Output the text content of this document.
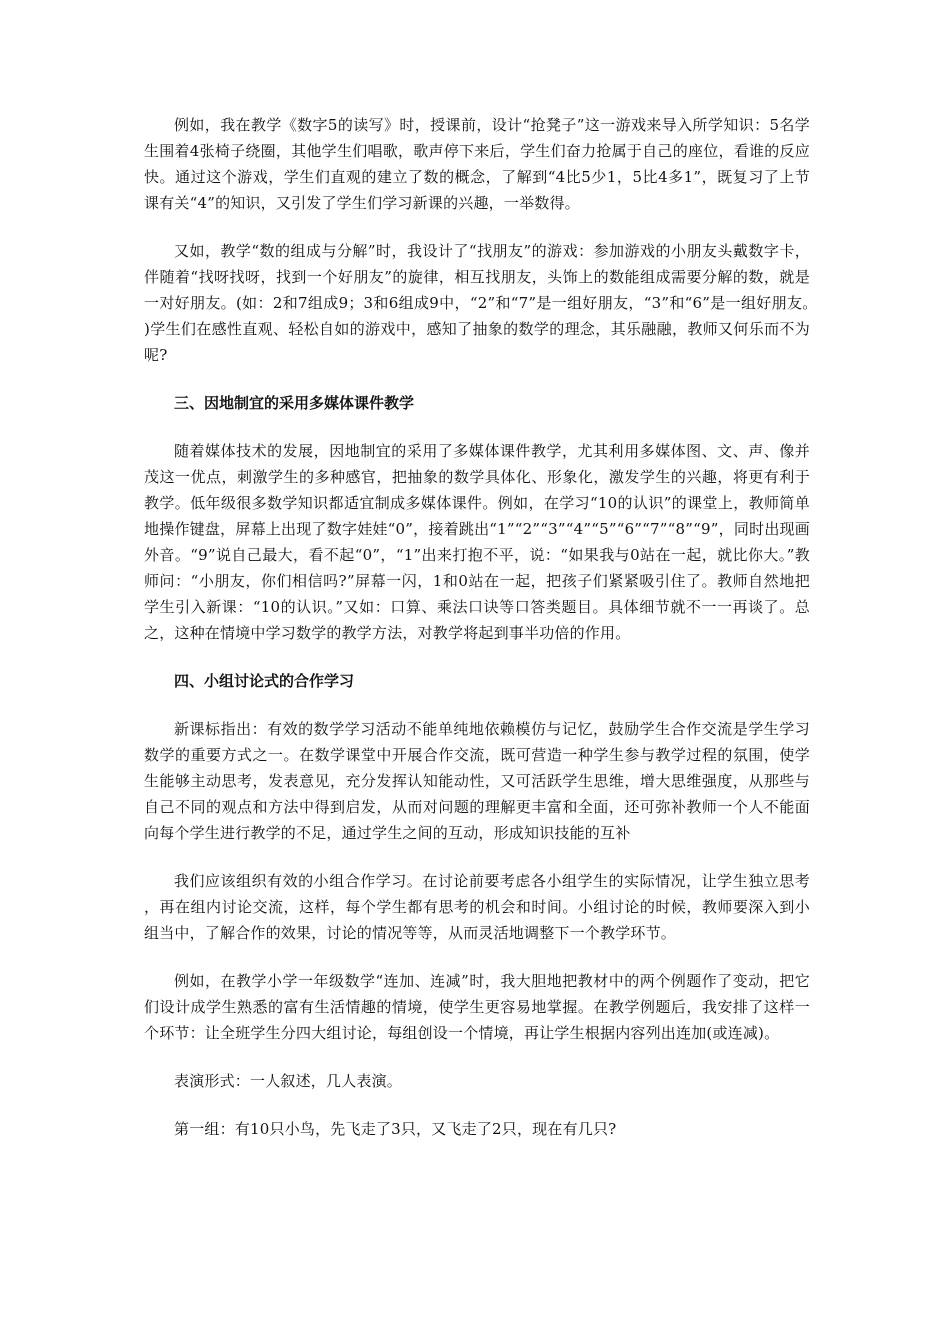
例如，我在教学《数字5的读写》时，授课前，设计“抢凳子”这一游戏来导入所学知识：5名学生围着4张椅子绕圈，其他学生们唱歌，歌声停下来后，学生们奋力抢属于自己的座位，看谁的反应快。通过这个游戏，学生们直观的建立了数的概念，了解到“4比5少1，5比4多1”，既复习了上节课有关“4”的知识，又引发了学生们学习新课的兴趣，一举数得。

又如，教学“数的组成与分解”时，我设计了“找朋友”的游戏：参加游戏的小朋友头戴数字卡，伴随着“找呀找呀，找到一个好朋友”的旋律，相互找朋友，头饰上的数能组成需要分解的数，就是一对好朋友。(如：2和7组成9；3和6组成9中，“2”和“7”是一组好朋友，“3”和“6”是一组好朋友。)学生们在感性直观、轻松自如的游戏中，感知了抽象的数学的理念，其乐融融，教师又何乐而不为呢?

三、因地制宜的采用多媒体课件教学

随着媒体技术的发展，因地制宜的采用了多媒体课件教学，尤其利用多媒体图、文、声、像并茂这一优点，刺激学生的多种感官，把抽象的数学具体化、形象化，激发学生的兴趣，将更有利于教学。低年级很多数学知识都适宜制成多媒体课件。例如，在学习“10的认识”的课堂上，教师简单地操作键盘，屏幕上出现了数字娃娃“0”，接着跳出“1”“2”“3”“4”“5”“6”“7”“8”“9”，同时出现画外音。“9”说自己最大，看不起“0”，“1”出来打抱不平，说：“如果我与0站在一起，就比你大。”教师问：“小朋友，你们相信吗?”屏幕一闪，1和0站在一起，把孩子们紧紧吸引住了。教师自然地把学生引入新课：“10的认识。”又如：口算、乘法口诀等口答类题目。具体细节就不一一再谈了。总之，这种在情境中学习数学的教学方法，对教学将起到事半功倍的作用。

四、小组讨论式的合作学习

新课标指出：有效的数学学习活动不能单纯地依赖模仿与记忆，鼓励学生合作交流是学生学习数学的重要方式之一。在数学课堂中开展合作交流，既可营造一种学生参与教学过程的氛围，使学生能够主动思考，发表意见，充分发挥认知能动性，又可活跃学生思维，增大思维强度，从那些与自己不同的观点和方法中得到启发，从而对问题的理解更丰富和全面，还可弥补教师一个人不能面向每个学生进行教学的不足，通过学生之间的互动，形成知识技能的互补

我们应该组织有效的小组合作学习。在讨论前要考虑各小组学生的实际情况，让学生独立思考，再在组内讨论交流，这样，每个学生都有思考的机会和时间。小组讨论的时候，教师要深入到小组当中，了解合作的效果，讨论的情况等等，从而灵活地调整下一个教学环节。

例如，在教学小学一年级数学“连加、连减”时，我大胆地把教材中的两个例题作了变动，把它们设计成学生熟悉的富有生活情趣的情境，使学生更容易地掌握。在教学例题后，我安排了这样一个环节：让全班学生分四大组讨论，每组创设一个情境，再让学生根据内容列出连加(或连减)。

表演形式：一人叙述，几人表演。

第一组：有10只小鸟，先飞走了3只，又飞走了2只，现在有几只?
